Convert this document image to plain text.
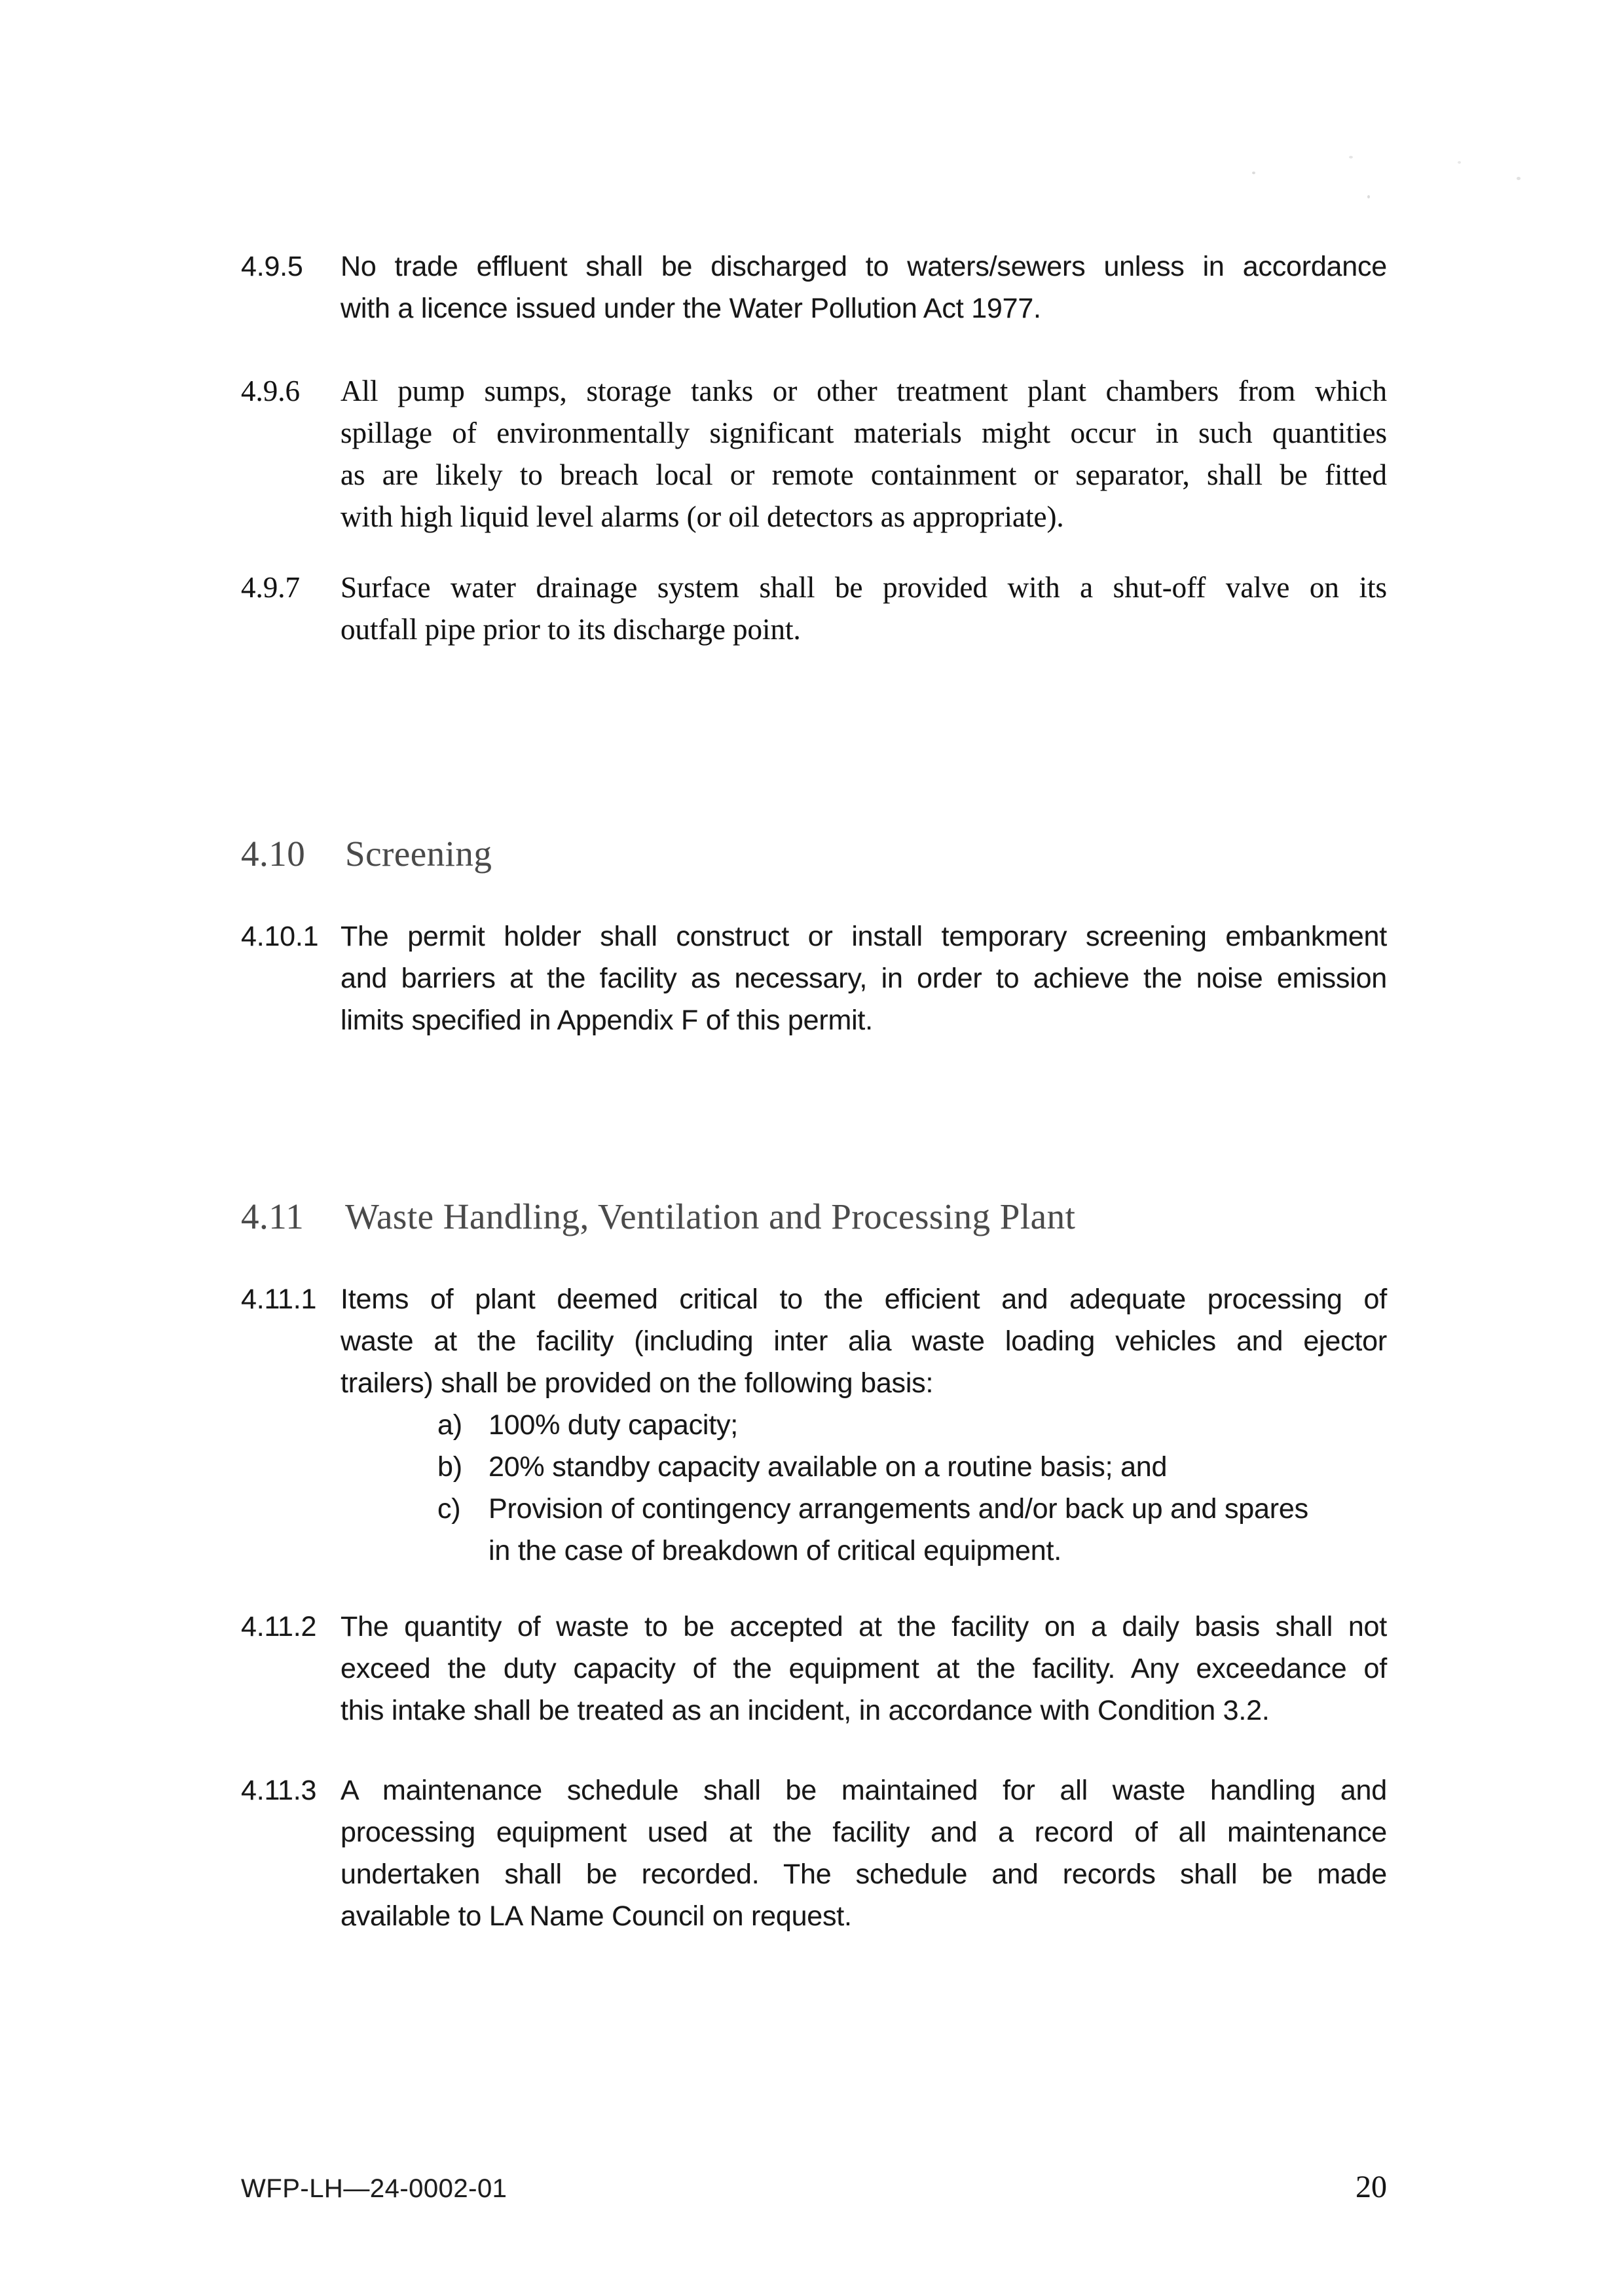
4.9.5	No trade effluent shall be discharged to waters/sewers unless in accordance
with a licence issued under the Water Pollution Act 1977.
4.9.6	All pump sumps, storage tanks or other treatment plant chambers from which
spillage of environmentally significant materials might occur in such quantities
as are likely to breach local or remote containment or separator, shall be fitted
with high liquid level alarms (or oil detectors as appropriate).
4.9.7	Surface water drainage system shall be provided with a shut-off valve on its
outfall pipe prior to its discharge point.
4.10	Screening
4.10.1 The permit holder shall construct or install temporary screening embankment
and barriers at the facility as necessary, in order to achieve the noise emission
limits specified in Appendix F of this permit.
4.11	Waste Handling, Ventilation and Processing Plant
4.11.1 Items of plant deemed critical to the efficient and adequate processing of
waste at the facility (including inter alia waste loading vehicles and ejector
trailers) shall be provided on the following basis:
a) 100% duty capacity;
b) 20% standby capacity available on a routine basis; and
c) Provision of contingency arrangements and/or back up and spares
in the case of breakdown of critical equipment.
4.11.2 The quantity of waste to be accepted at the facility on a daily basis shall not
exceed the duty capacity of the equipment at the facility. Any exceedance of
this intake shall be treated as an incident, in accordance with Condition 3.2.
4.11.3 A maintenance schedule shall be maintained for all waste handling and
processing equipment used at the facility and a record of all maintenance
undertaken shall be recorded. The schedule and records shall be made
available to LA Name Council on request.
WFP-LH—24-0002-01	20
